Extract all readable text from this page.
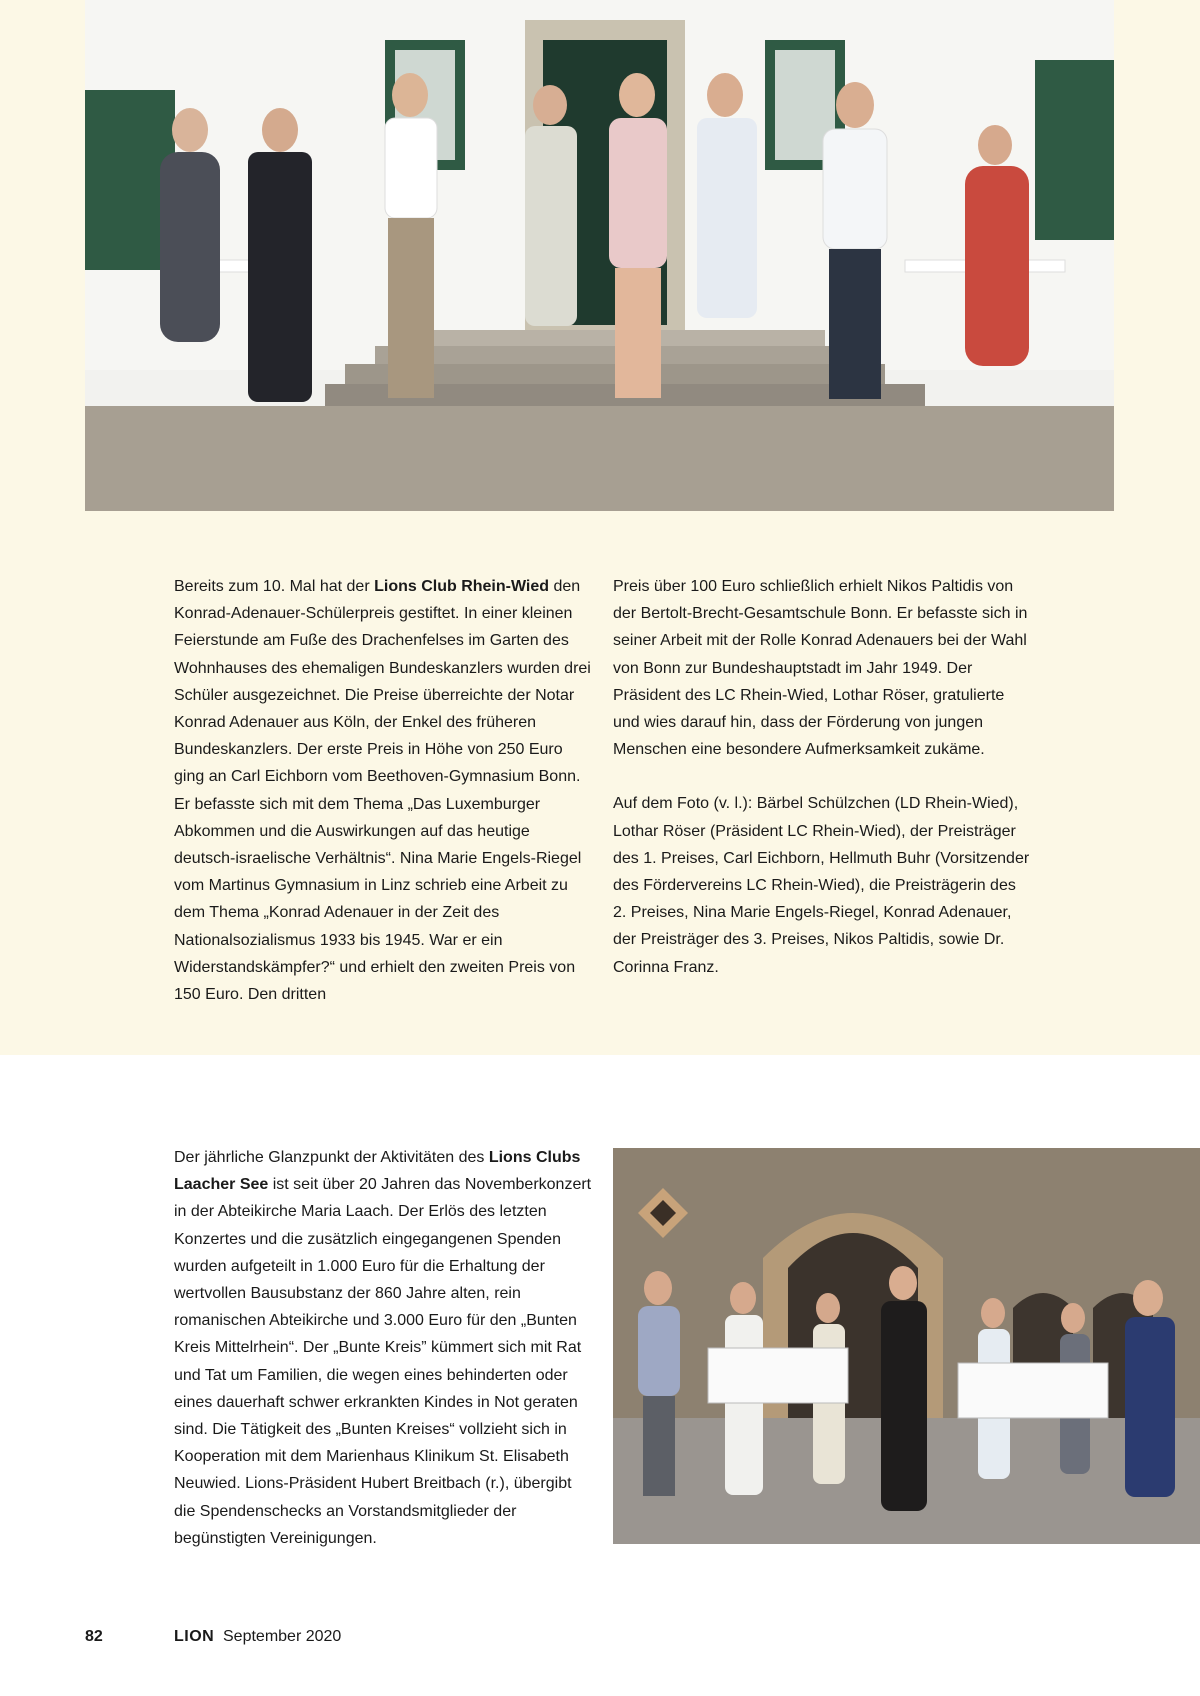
Bereits zum 10. Mal hat der Lions Club Rhein-Wied den Konrad-Adenauer-Schülerpreis gestiftet. In einer kleinen Feierstunde am Fuße des Drachenfelses im Garten des Wohnhauses des ehemaligen Bundeskanzlers wurden drei Schüler ausgezeichnet. Die Preise überreichte der Notar Konrad Adenauer aus Köln, der Enkel des früheren Bundeskanzlers. Der erste Preis in Höhe von 250 Euro ging an Carl Eichborn vom Beethoven-Gymnasium Bonn. Er befasste sich mit dem Thema „Das Luxemburger Abkommen und die Auswirkungen auf das heutige deutsch-israelische Verhältnis“. Nina Marie Engels-Riegel vom Martinus Gymnasium in Linz schrieb eine Arbeit zu dem Thema „Konrad Adenauer in der Zeit des Nationalsozialismus 1933 bis 1945. War er ein Widerstandskämpfer?“ und erhielt den zweiten Preis von 150 Euro. Den dritten

Preis über 100 Euro schließlich erhielt Nikos Paltidis von der Bertolt-Brecht-Gesamtschule Bonn. Er befasste sich in seiner Arbeit mit der Rolle Konrad Adenauers bei der Wahl von Bonn zur Bundeshauptstadt im Jahr 1949. Der Präsident des LC Rhein-Wied, Lothar Röser, gratulierte und wies darauf hin, dass der Förderung von jungen Menschen eine besondere Aufmerksamkeit zukäme.

Auf dem Foto (v. l.): Bärbel Schülzchen (LD Rhein-Wied), Lothar Röser (Präsident LC Rhein-Wied), der Preisträger des 1. Preises, Carl Eichborn, Hellmuth Buhr (Vorsitzender des Fördervereins LC Rhein-Wied), die Preisträgerin des 2. Preises, Nina Marie Engels-Riegel, Konrad Adenauer, der Preisträger des 3. Preises, Nikos Paltidis, sowie Dr. Corinna Franz.

Der jährliche Glanzpunkt der Aktivitäten des Lions Clubs Laacher See ist seit über 20 Jahren das Novemberkonzert in der Abteikirche Maria Laach. Der Erlös des letzten Konzertes und die zusätzlich eingegangenen Spenden wurden aufgeteilt in 1.000 Euro für die Erhaltung der wertvollen Bausubstanz der 860 Jahre alten, rein romanischen Abteikirche und 3.000 Euro für den „Bunten Kreis Mittelrhein“. Der „Bunte Kreis” kümmert sich mit Rat und Tat um Familien, die wegen eines behinderten oder eines dauerhaft schwer erkrankten Kindes in Not geraten sind. Die Tätigkeit des „Bunten Kreises“ vollzieht sich in Kooperation mit dem Marienhaus Klinikum St. Elisabeth Neuwied. Lions-Präsident Hubert Breitbach (r.), übergibt die Spendenschecks an Vorstandsmitglieder der begünstigten Vereinigungen.

82	LION September 2020
